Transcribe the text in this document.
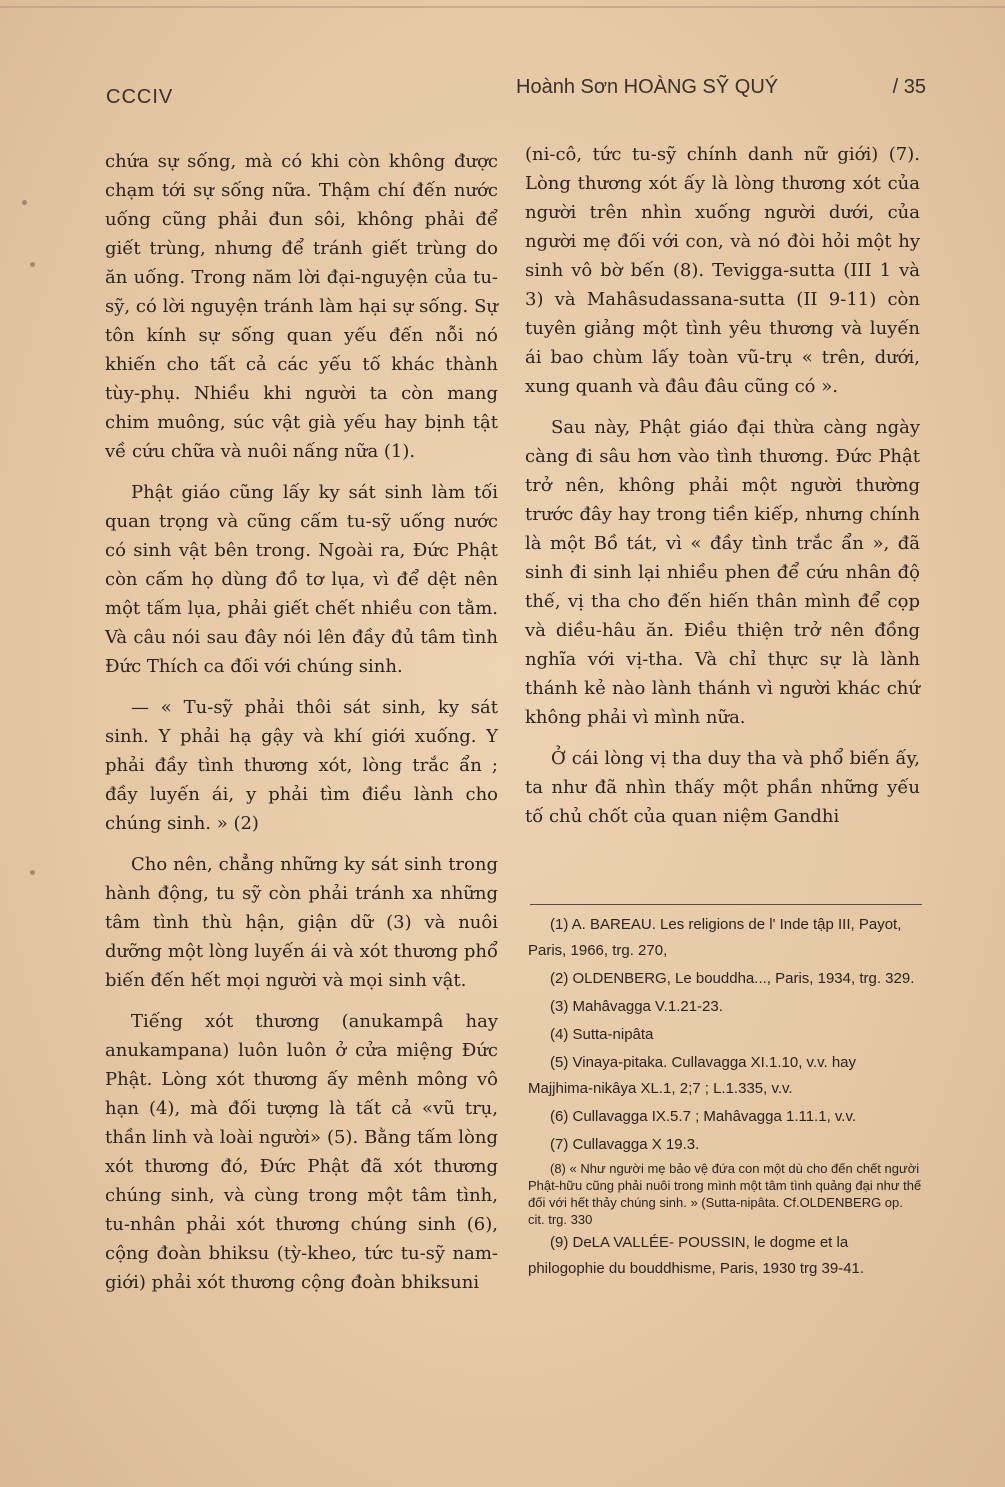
CCCIV	Hoành Sơn HOÀNG SỸ QUÝ	/ 35

chứa sự sống, mà có khi còn không được chạm tới sự sống nữa. Thậm chí đến nước uống cũng phải đun sôi, không phải để giết trùng, nhưng để tránh giết trùng do ăn uống. Trong năm lời đại-nguyện của tu-sỹ, có lời nguyện tránh làm hại sự sống. Sự tôn kính sự sống quan yếu đến nỗi nó khiến cho tất cả các yếu tố khác thành tùy-phụ. Nhiều khi người ta còn mang chim muông, súc vật già yếu hay bịnh tật về cứu chữa và nuôi nấng nữa (1).

Phật giáo cũng lấy ky sát sinh làm tối quan trọng và cũng cấm tu-sỹ uống nước có sinh vật bên trong. Ngoài ra, Đức Phật còn cấm họ dùng đồ tơ lụa, vì để dệt nên một tấm lụa, phải giết chết nhiều con tằm. Và câu nói sau đây nói lên đầy đủ tâm tình Đức Thích ca đối với chúng sinh.

— « Tu-sỹ phải thôi sát sinh, ky sát sinh. Y phải hạ gậy và khí giới xuống. Y phải đầy tình thương xót, lòng trắc ẩn ; đầy luyến ái, y phải tìm điều lành cho chúng sinh. » (2)

Cho nên, chẳng những ky sát sinh trong hành động, tu sỹ còn phải tránh xa những tâm tình thù hận, giận dữ (3) và nuôi dưỡng một lòng luyến ái và xót thương phổ biến đến hết mọi người và mọi sinh vật.

Tiếng xót thương (anukampâ hay anukampana) luôn luôn ở cửa miệng Đức Phật. Lòng xót thương ấy mênh mông vô hạn (4), mà đối tượng là tất cả «vũ trụ, thần linh và loài người» (5). Bằng tấm lòng xót thương đó, Đức Phật đã xót thương chúng sinh, và cùng trong một tâm tình, tu-nhân phải xót thương chúng sinh (6), cộng đoàn bhiksu (tỳ-kheo, tức tu-sỹ nam-giới) phải xót thương cộng đoàn bhiksuni

(ni-cô, tức tu-sỹ chính danh nữ giới) (7). Lòng thương xót ấy là lòng thương xót của người trên nhìn xuống người dưới, của người mẹ đối với con, và nó đòi hỏi một hy sinh vô bờ bến (8). Tevigga-sutta (III 1 và 3) và Mahâsudassana-sutta (II 9-11) còn tuyên giảng một tình yêu thương và luyến ái bao chùm lấy toàn vũ-trụ « trên, dưới, xung quanh và đâu đâu cũng có ».

Sau này, Phật giáo đại thừa càng ngày càng đi sâu hơn vào tình thương. Đức Phật trở nên, không phải một người thường trước đây hay trong tiền kiếp, nhưng chính là một Bồ tát, vì « đầy tình trắc ẩn », đã sinh đi sinh lại nhiều phen để cứu nhân độ thế, vị tha cho đến hiến thân mình để cọp và diều-hâu ăn. Điều thiện trở nên đồng nghĩa với vị-tha. Và chỉ thực sự là lành thánh kẻ nào lành thánh vì người khác chứ không phải vì mình nữa.

Ở cái lòng vị tha duy tha và phổ biến ấy, ta như đã nhìn thấy một phần những yếu tố chủ chốt của quan niệm Gandhi

(1) A. BAREAU. Les religions de l' Inde tập III, Payot, Paris, 1966, trg. 270,

(2) OLDENBERG, Le bouddha..., Paris, 1934, trg. 329.

(3) Mahâvagga V.1.21-23.

(4) Sutta-nipâta

(5) Vinaya-pitaka. Cullavagga XI.1.10, v.v. hay Majjhima-nikâya XL.1, 2;7 ; L.1.335, v.v.

(6) Cullavagga IX.5.7 ; Mahâvagga 1.11.1, v.v.

(7) Cullavagga X 19.3.

(8) « Như người mẹ bảo vệ đứa con một dù cho đến chết người Phật-hữu cũng phải nuôi trong mình một tâm tình quảng đại như thế đối với hết thảy chúng sinh. » (Sutta-nipâta. Cf.OLDENBERG op. cit. trg. 330

(9) DeLA VALLÉE- POUSSIN, le dogme et la philogophie du bouddhisme, Paris, 1930 trg 39-41.
